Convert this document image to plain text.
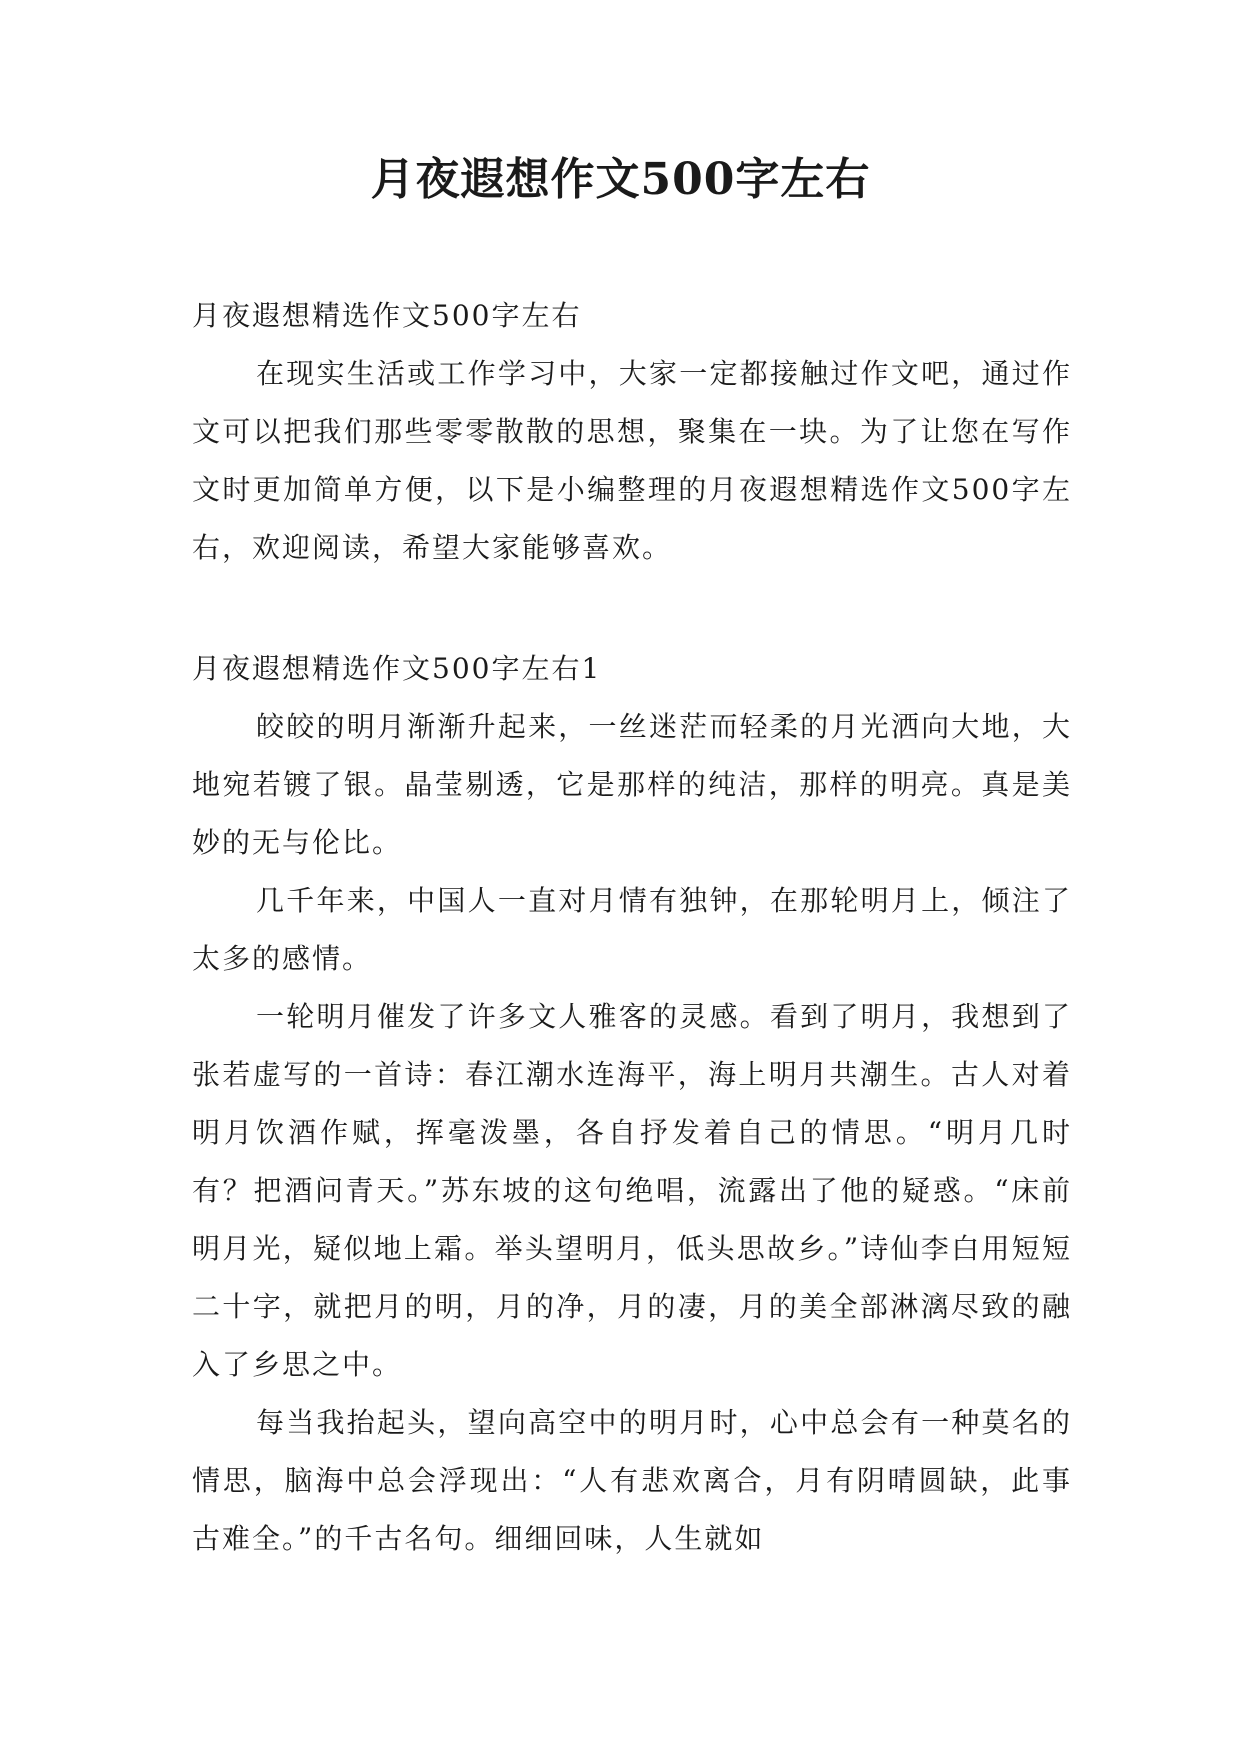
月夜遐想作文500字左右

月夜遐想精选作文500字左右

在现实生活或工作学习中，大家一定都接触过作文吧，通过作文可以把我们那些零零散散的思想，聚集在一块。为了让您在写作文时更加简单方便，以下是小编整理的月夜遐想精选作文500字左右，欢迎阅读，希望大家能够喜欢。

月夜遐想精选作文500字左右1

皎皎的明月渐渐升起来，一丝迷茫而轻柔的月光洒向大地，大地宛若镀了银。晶莹剔透，它是那样的纯洁，那样的明亮。真是美妙的无与伦比。

几千年来，中国人一直对月情有独钟，在那轮明月上，倾注了太多的感情。

一轮明月催发了许多文人雅客的灵感。看到了明月，我想到了张若虚写的一首诗：春江潮水连海平，海上明月共潮生。古人对着明月饮酒作赋，挥毫泼墨，各自抒发着自己的情思。“明月几时有？把酒问青天。”苏东坡的这句绝唱，流露出了他的疑惑。“床前明月光，疑似地上霜。举头望明月，低头思故乡。”诗仙李白用短短二十字，就把月的明，月的净，月的凄，月的美全部淋漓尽致的融入了乡思之中。

每当我抬起头，望向高空中的明月时，心中总会有一种莫名的情思，脑海中总会浮现出：“人有悲欢离合，月有阴晴圆缺，此事古难全。”的千古名句。细细回味，人生就如
